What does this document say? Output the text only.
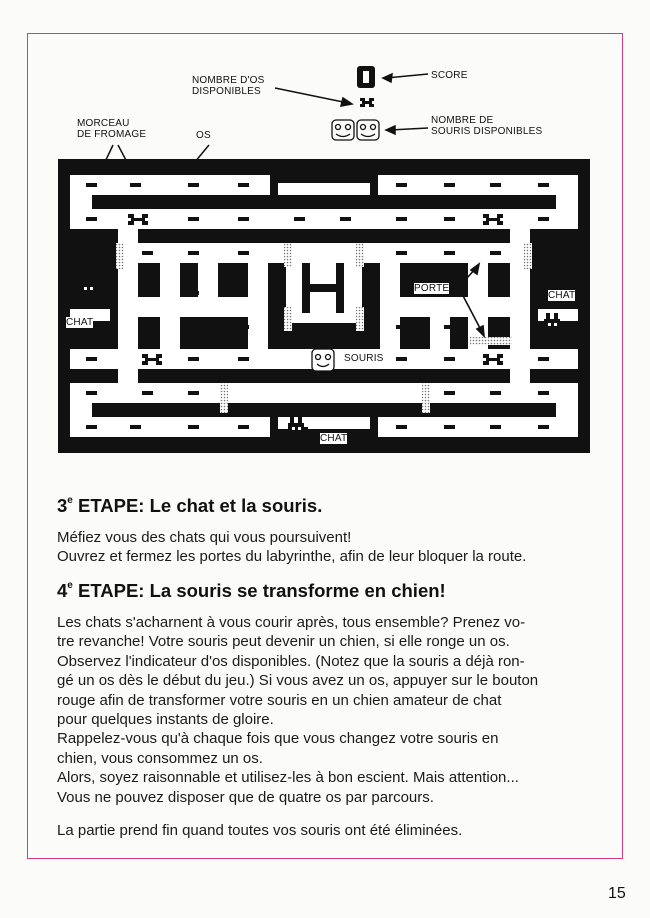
NOMBRE D'OS
DISPONIBLES
SCORE
NOMBRE DE
SOURIS DISPONIBLES
MORCEAU
DE FROMAGE	OS
CHAT
CHAT
CHAT
PORTE
SOURIS
3e ETAPE: Le chat et la souris.
Méfiez vous des chats qui vous poursuivent!
Ouvrez et fermez les portes du labyrinthe, afin de leur bloquer la route.
4e ETAPE: La souris se transforme en chien!
Les chats s'acharnent à vous courir après, tous ensemble? Prenez vo-
tre revanche! Votre souris peut devenir un chien, si elle ronge un os.
Observez l'indicateur d'os disponibles. (Notez que la souris a déjà ron-
gé un os dès le début du jeu.) Si vous avez un os, appuyer sur le bouton
rouge afin de transformer votre souris en un chien amateur de chat
pour quelques instants de gloire.
Rappelez-vous qu'à chaque fois que vous changez votre souris en
chien, vous consommez un os.
Alors, soyez raisonnable et utilisez-les à bon escient. Mais attention...
Vous ne pouvez disposer que de quatre os par parcours.
La partie prend fin quand toutes vos souris ont été éliminées.
15
